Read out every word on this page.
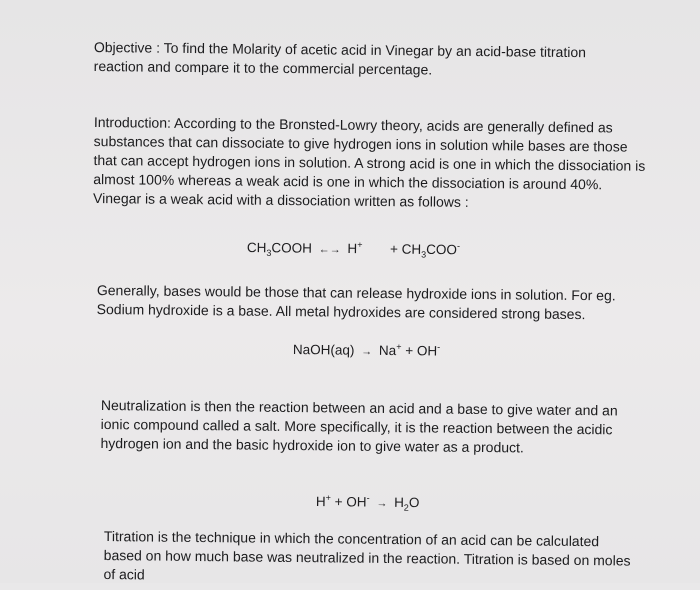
Objective : To find the Molarity of acetic acid in Vinegar by an acid-base titration reaction and compare it to the commercial percentage.

Introduction: According to the Bronsted-Lowry theory, acids are generally defined as substances that can dissociate to give hydrogen ions in solution while bases are those that can accept hydrogen ions in solution. A strong acid is one in which the dissociation is almost 100% whereas a weak acid is one in which the dissociation is around 40%. Vinegar is a weak acid with a dissociation written as follows :

$CH_3COOH$ ←→ $H^+ + CH_3COO^-$

Generally, bases would be those that can release hydroxide ions in solution. For eg. Sodium hydroxide is a base. All metal hydroxides are considered strong bases.

NaOH(aq) → Na+ + OH-

Neutralization is then the reaction between an acid and a base to give water and an ionic compound called a salt. More specifically, it is the reaction between the acidic hydrogen ion and the basic hydroxide ion to give water as a product.

$H^+ + OH^- \to H_2O$

Titration is the technique in which the concentration of an acid can be calculated based on how much base was neutralized in the reaction. Titration is based on moles of acid
